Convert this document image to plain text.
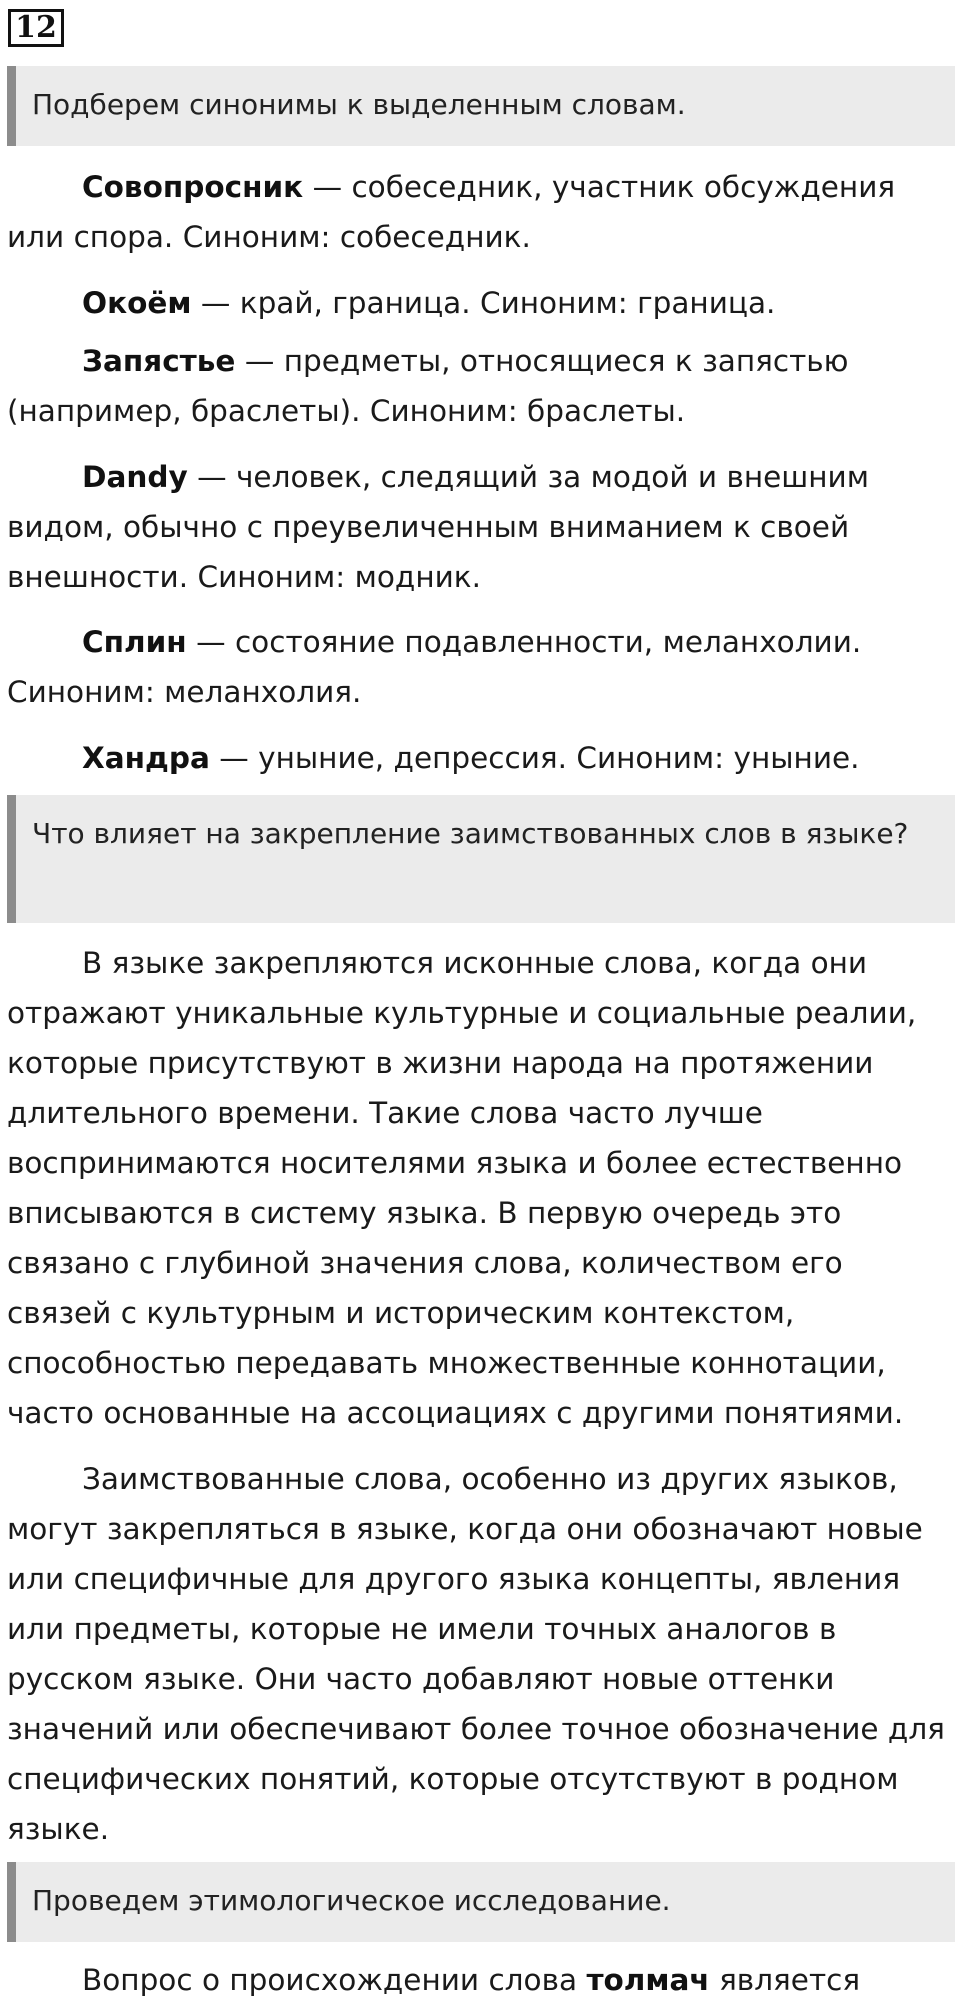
12
Подберем синонимы к выделенным словам.

Совопросник — собеседник, участник обсуждения или спора. Синоним: собеседник.

Окоём — край, граница. Синоним: граница.

Запястье — предметы, относящиеся к запястью (например, браслеты). Синоним: браслеты.

Dandy — человек, следящий за модой и внешним видом, обычно с преувеличенным вниманием к своей внешности. Синоним: модник.

Сплин — состояние подавленности, меланхолии. Синоним: меланхолия.

Хандра — уныние, депрессия. Синоним: уныние.

Что влияет на закрепление заимствованных слов в языке?

В языке закрепляются исконные слова, когда они отражают уникальные культурные и социальные реалии, которые присутствуют в жизни народа на протяжении длительного времени. Такие слова часто лучше воспринимаются носителями языка и более естественно вписываются в систему языка. В первую очередь это связано с глубиной значения слова, количеством его связей с культурным и историческим контекстом, способностью передавать множественные коннотации, часто основанные на ассоциациях с другими понятиями.

Заимствованные слова, особенно из других языков, могут закрепляться в языке, когда они обозначают новые или специфичные для другого языка концепты, явления или предметы, которые не имели точных аналогов в русском языке. Они часто добавляют новые оттенки значений или обеспечивают более точное обозначение для специфических понятий, которые отсутствуют в родном языке.

Проведем этимологическое исследование.

Вопрос о происхождении слова толмач является
